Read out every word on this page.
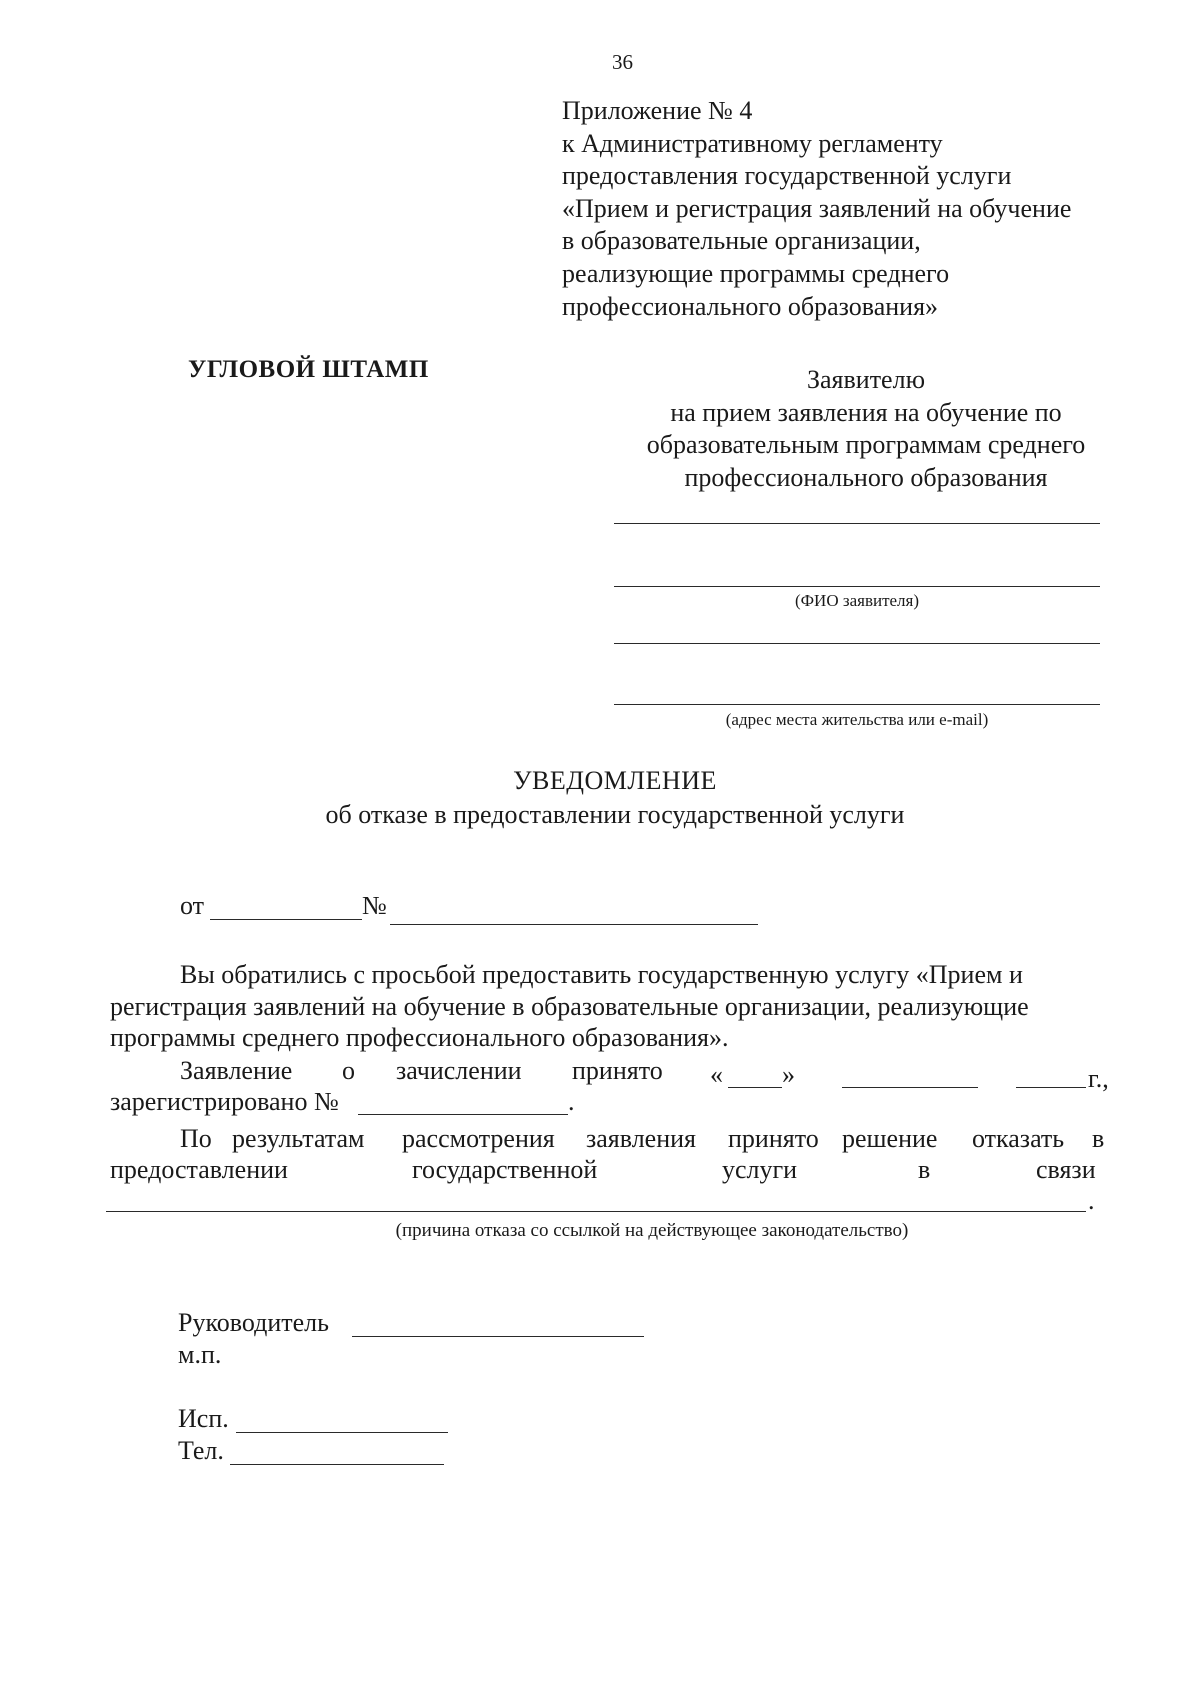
36
Приложение № 4
к Административному регламенту
предоставления государственной услуги
«Прием и регистрация заявлений на обучение
в образовательные организации,
реализующие программы среднего
профессионального образования»
УГЛОВОЙ ШТАМП	Заявителю
на прием заявления на обучение по
образовательным программам среднего
профессионального образования
(ФИО заявителя)
(адрес места жительства или e-mail)
УВЕДОМЛЕНИЕ
об отказе в предоставлении государственной услуги
от	№
Вы обратились с просьбой предоставить государственную услугу «Прием и
регистрация заявлений на обучение в образовательные организации, реализующие
программы среднего профессионального образования».
Заявление о зачислении принято « »	г.,
зарегистрировано №	.
По результатам рассмотрения заявления принято решение отказать в
предоставлении	государственной	услуги	в	связи
.
(причина отказа со ссылкой на действующее законодательство)
Руководитель
м.п.
Исп.
Тел.
